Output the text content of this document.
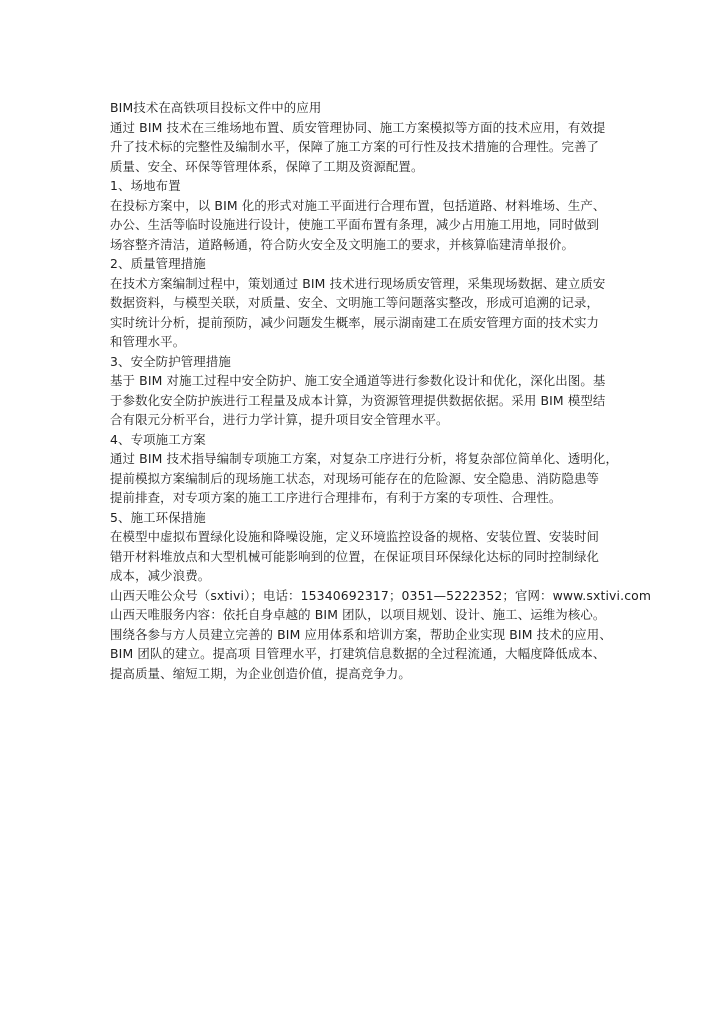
BIM技术在高铁项目投标文件中的应用
通过 BIM 技术在三维场地布置、质安管理协同、施工方案模拟等方面的技术应用，有效提
升了技术标的完整性及编制水平，保障了施工方案的可行性及技术措施的合理性。完善了
质量、安全、环保等管理体系，保障了工期及资源配置。
1、场地布置
在投标方案中，以 BIM 化的形式对施工平面进行合理布置，包括道路、材料堆场、生产、
办公、生活等临时设施进行设计，使施工平面布置有条理，减少占用施工用地，同时做到
场容整齐清洁，道路畅通，符合防火安全及文明施工的要求，并核算临建清单报价。
2、质量管理措施
在技术方案编制过程中，策划通过 BIM 技术进行现场质安管理，采集现场数据、建立质安
数据资料，与模型关联，对质量、安全、文明施工等问题落实整改，形成可追溯的记录，
实时统计分析，提前预防，减少问题发生概率，展示湖南建工在质安管理方面的技术实力
和管理水平。
3、安全防护管理措施
基于 BIM 对施工过程中安全防护、施工安全通道等进行参数化设计和优化，深化出图。基
于参数化安全防护族进行工程量及成本计算，为资源管理提供数据依据。采用 BIM 模型结
合有限元分析平台，进行力学计算，提升项目安全管理水平。
4、专项施工方案
通过 BIM 技术指导编制专项施工方案，对复杂工序进行分析，将复杂部位简单化、透明化，
提前模拟方案编制后的现场施工状态，对现场可能存在的危险源、安全隐患、消防隐患等
提前排查，对专项方案的施工工序进行合理排布，有利于方案的专项性、合理性。
5、施工环保措施
在模型中虚拟布置绿化设施和降噪设施，定义环境监控设备的规格、安装位置、安装时间
错开材料堆放点和大型机械可能影响到的位置，在保证项目环保绿化达标的同时控制绿化
成本，减少浪费。
山西天唯公众号（sxtivi）；电话：15340692317；0351—5222352；官网：www.sxtivi.com
山西天唯服务内容：依托自身卓越的 BIM 团队，以项目规划、设计、施工、运维为核心。
围绕各参与方人员建立完善的 BIM 应用体系和培训方案，帮助企业实现 BIM 技术的应用、
BIM 团队的建立。提高项 目管理水平，打建筑信息数据的全过程流通，大幅度降低成本、
提高质量、缩短工期，为企业创造价值，提高竞争力。
